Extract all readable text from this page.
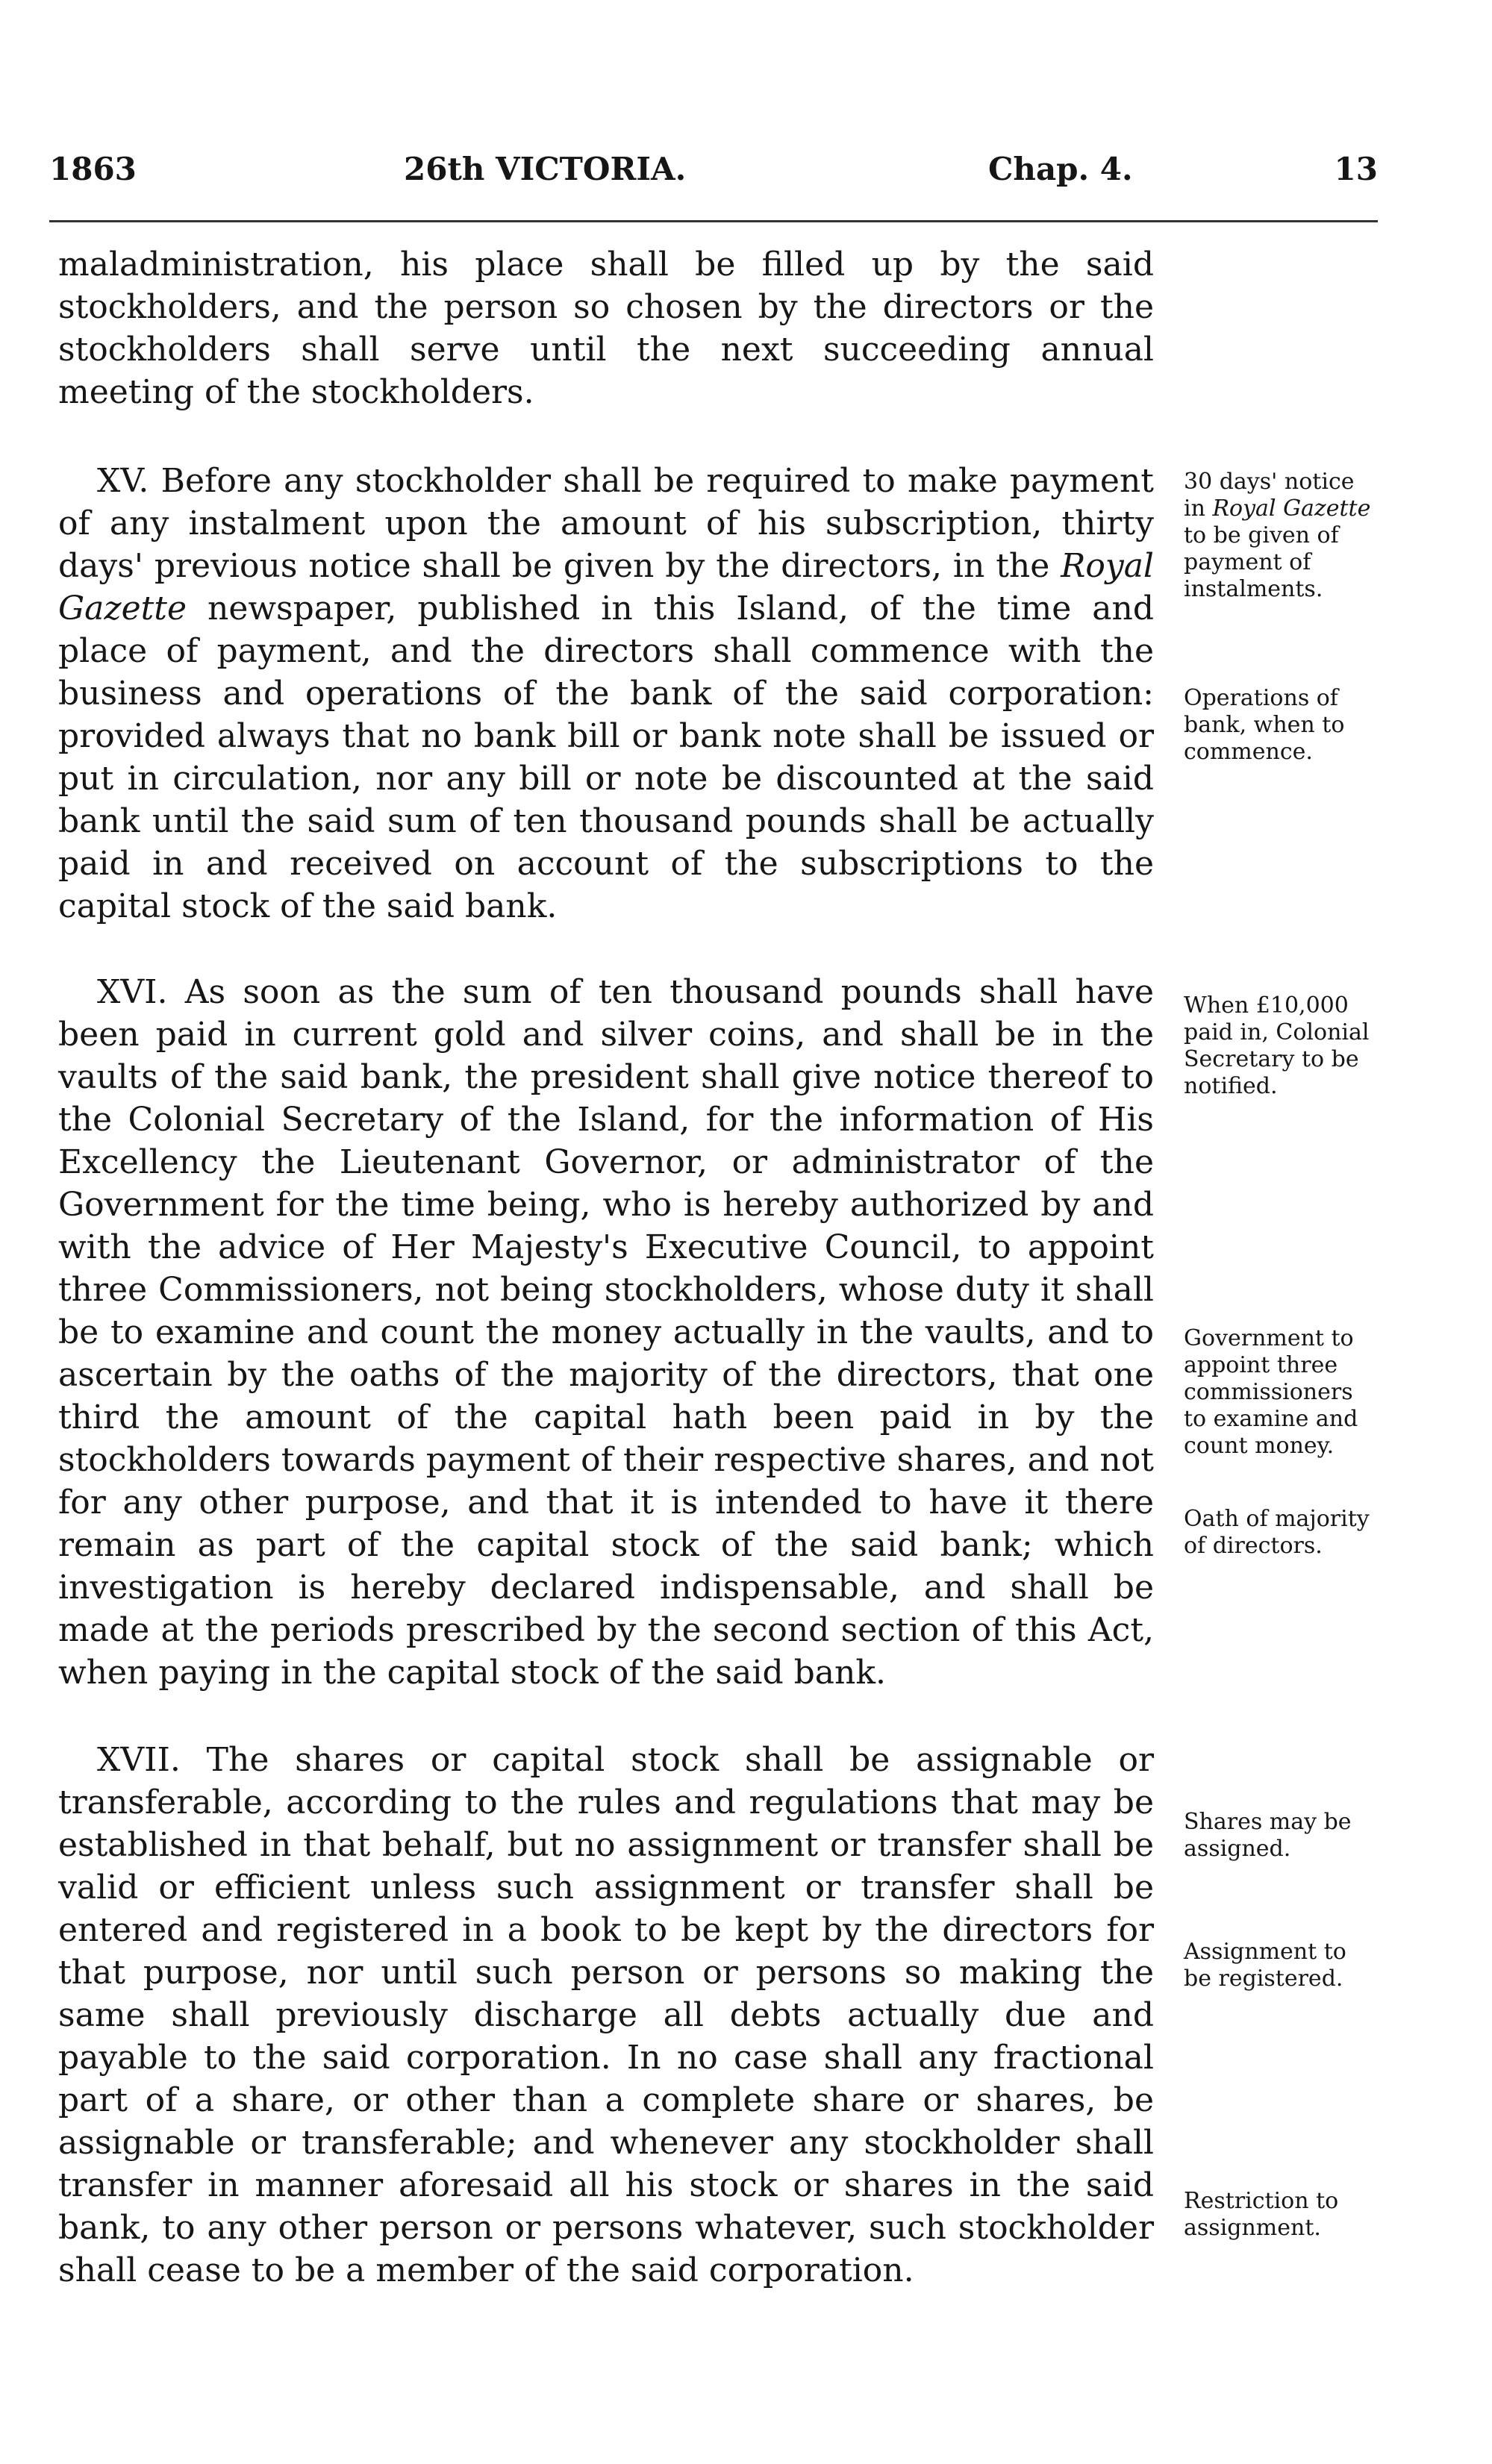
1863	26th VICTORIA.	Chap. 4.	13

maladministration, his place shall be filled up by the said stockholders, and the person so chosen by the directors or the stockholders shall serve until the next succeeding annual meeting of the stockholders.

XV. Before any stockholder shall be required to make payment of any instalment upon the amount of his subscription, thirty days' previous notice shall be given by the directors, in the Royal Gazette newspaper, published in this Island, of the time and place of payment, and the directors shall commence with the business and operations of the bank of the said corporation: provided always that no bank bill or bank note shall be issued or put in circulation, nor any bill or note be discounted at the said bank until the said sum of ten thousand pounds shall be actually paid in and received on account of the subscriptions to the capital stock of the said bank.

XVI. As soon as the sum of ten thousand pounds shall have been paid in current gold and silver coins, and shall be in the vaults of the said bank, the president shall give notice thereof to the Colonial Secretary of the Island, for the information of His Excellency the Lieutenant Governor, or administrator of the Government for the time being, who is hereby authorized by and with the advice of Her Majesty's Executive Council, to appoint three Commissioners, not being stockholders, whose duty it shall be to examine and count the money actually in the vaults, and to ascertain by the oaths of the majority of the directors, that one third the amount of the capital hath been paid in by the stockholders towards payment of their respective shares, and not for any other purpose, and that it is intended to have it there remain as part of the capital stock of the said bank; which investigation is hereby declared indispensable, and shall be made at the periods prescribed by the second section of this Act, when paying in the capital stock of the said bank.

XVII. The shares or capital stock shall be assignable or transferable, according to the rules and regulations that may be established in that behalf, but no assignment or transfer shall be valid or efficient unless such assignment or transfer shall be entered and registered in a book to be kept by the directors for that purpose, nor until such person or persons so making the same shall previously discharge all debts actually due and payable to the said corporation. In no case shall any fractional part of a share, or other than a complete share or shares, be assignable or transferable; and whenever any stockholder shall transfer in manner aforesaid all his stock or shares in the said bank, to any other person or persons whatever, such stockholder shall cease to be a member of the said corporation.

30 days' notice in Royal Gazette to be given of payment of instalments.

Operations of bank, when to commence.

When £10,000 paid in, Colonial Secretary to be notified.

Government to appoint three commissioners to examine and count money.

Oath of majority of directors.

Shares may be assigned.

Assignment to be registered.

Restriction to assignment.
